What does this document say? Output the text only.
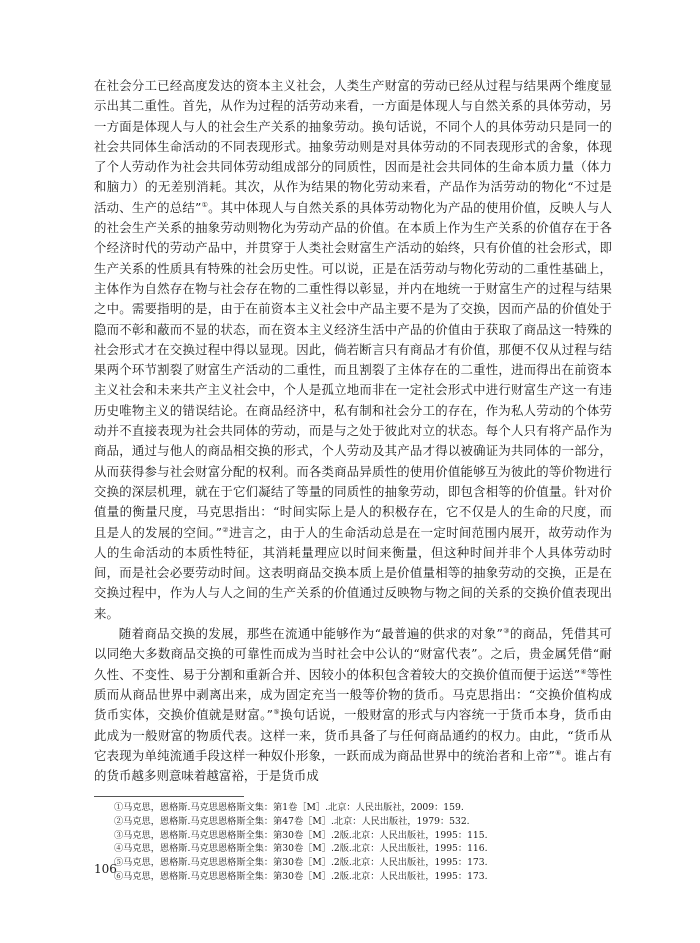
在社会分工已经高度发达的资本主义社会，人类生产财富的劳动已经从过程与结果两个维度显示出其二重性。首先，从作为过程的活劳动来看，一方面是体现人与自然关系的具体劳动，另一方面是体现人与人的社会生产关系的抽象劳动。换句话说，不同个人的具体劳动只是同一的社会共同体生命活动的不同表现形式。抽象劳动则是对具体劳动的不同表现形式的舍象，体现了个人劳动作为社会共同体劳动组成部分的同质性，因而是社会共同体的生命本质力量（体力和脑力）的无差别消耗。其次，从作为结果的物化劳动来看，产品作为活劳动的物化“不过是活动、生产的总结”①。其中体现人与自然关系的具体劳动物化为产品的使用价值，反映人与人的社会生产关系的抽象劳动则物化为劳动产品的价值。在本质上作为生产关系的价值存在于各个经济时代的劳动产品中，并贯穿于人类社会财富生产活动的始终，只有价值的社会形式，即生产关系的性质具有特殊的社会历史性。可以说，正是在活劳动与物化劳动的二重性基础上，主体作为自然存在物与社会存在物的二重性得以彰显，并内在地统一于财富生产的过程与结果之中。需要指明的是，由于在前资本主义社会中产品主要不是为了交换，因而产品的价值处于隐而不彰和蔽而不显的状态，而在资本主义经济生活中产品的价值由于获取了商品这一特殊的社会形式才在交换过程中得以显现。因此，倘若断言只有商品才有价值，那便不仅从过程与结果两个环节割裂了财富生产活动的二重性，而且割裂了主体存在的二重性，进而得出在前资本主义社会和未来共产主义社会中，个人是孤立地而非在一定社会形式中进行财富生产这一有违历史唯物主义的错误结论。在商品经济中，私有制和社会分工的存在，作为私人劳动的个体劳动并不直接表现为社会共同体的劳动，而是与之处于彼此对立的状态。每个人只有将产品作为商品，通过与他人的商品相交换的形式，个人劳动及其产品才得以被确证为共同体的一部分，从而获得参与社会财富分配的权利。而各类商品异质性的使用价值能够互为彼此的等价物进行交换的深层机理，就在于它们凝结了等量的同质性的抽象劳动，即包含相等的价值量。针对价值量的衡量尺度，马克思指出：“时间实际上是人的积极存在，它不仅是人的生命的尺度，而且是人的发展的空间。”②进言之，由于人的生命活动总是在一定时间范围内展开，故劳动作为人的生命活动的本质性特征，其消耗量理应以时间来衡量，但这种时间并非个人具体劳动时间，而是社会必要劳动时间。这表明商品交换本质上是价值量相等的抽象劳动的交换，正是在交换过程中，作为人与人之间的生产关系的价值通过反映物与物之间的关系的交换价值表现出来。

随着商品交换的发展，那些在流通中能够作为“最普遍的供求的对象”③的商品，凭借其可以同绝大多数商品交换的可靠性而成为当时社会中公认的“财富代表”。之后，贵金属凭借“耐久性、不变性、易于分割和重新合并、因较小的体积包含着较大的交换价值而便于运送”④等性质而从商品世界中剥离出来，成为固定充当一般等价物的货币。马克思指出：“交换价值构成货币实体，交换价值就是财富。”⑤换句话说，一般财富的形式与内容统一于货币本身，货币由此成为一般财富的物质代表。这样一来，货币具备了与任何商品通约的权力。由此，“货币从它表现为单纯流通手段这样一种奴仆形象，一跃而成为商品世界中的统治者和上帝”⑥。谁占有的货币越多则意味着越富裕，于是货币成

①马克思，恩格斯.马克思恩格斯文集：第1卷［M］.北京：人民出版社，2009：159.
②马克思，恩格斯.马克思恩格斯全集：第47卷［M］.北京：人民出版社，1979：532.
③马克思，恩格斯.马克思恩格斯全集：第30卷［M］.2版.北京：人民出版社，1995：115.
④马克思，恩格斯.马克思恩格斯全集：第30卷［M］.2版.北京：人民出版社，1995：116.
⑤马克思，恩格斯.马克思恩格斯全集：第30卷［M］.2版.北京：人民出版社，1995：173.
⑥马克思，恩格斯.马克思恩格斯全集：第30卷［M］.2版.北京：人民出版社，1995：173.
106
